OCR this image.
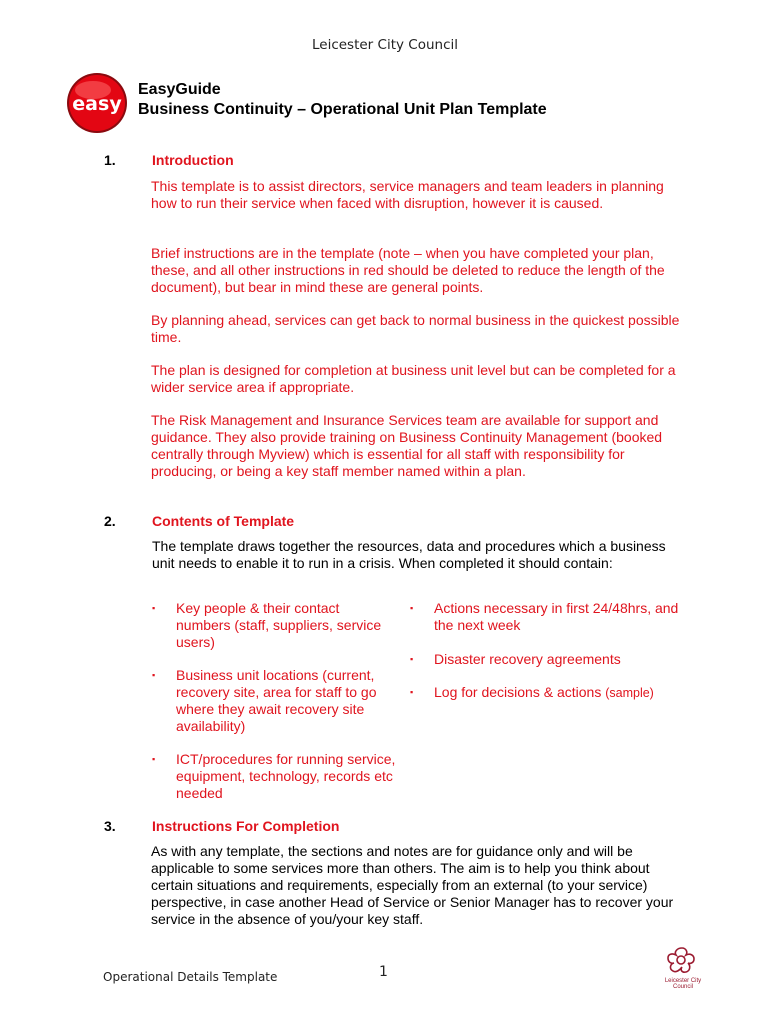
Leicester City Council
easy
EasyGuide
Business Continuity – Operational Unit Plan Template
1.	Introduction

This template is to assist directors, service managers and team leaders in planning how to run their service when faced with disruption, however it is caused.

Brief instructions are in the template (note – when you have completed your plan, these, and all other instructions in red should be deleted to reduce the length of the document), but bear in mind these are general points.

By planning ahead, services can get back to normal business in the quickest possible time.

The plan is designed for completion at business unit level but can be completed for a wider service area if appropriate.

The Risk Management and Insurance Services team are available for support and guidance. They also provide training on Business Continuity Management (booked centrally through Myview) which is essential for all staff with responsibility for producing, or being a key staff member named within a plan.

2.	Contents of Template

The template draws together the resources, data and procedures which a business unit needs to enable it to run in a crisis. When completed it should contain:

▪ Key people & their contact numbers (staff, suppliers, service users)
▪ Business unit locations (current, recovery site, area for staff to go where they await recovery site availability)
▪ ICT/procedures for running service, equipment, technology, records etc needed
▪ Actions necessary in first 24/48hrs, and the next week
▪ Disaster recovery agreements
▪ Log for decisions & actions (sample)
3.	Instructions For Completion

As with any template, the sections and notes are for guidance only and will be applicable to some services more than others. The aim is to help you think about certain situations and requirements, especially from an external (to your service) perspective, in case another Head of Service or Senior Manager has to recover your service in the absence of you/your key staff.

Operational Details Template	1
Leicester City Council
